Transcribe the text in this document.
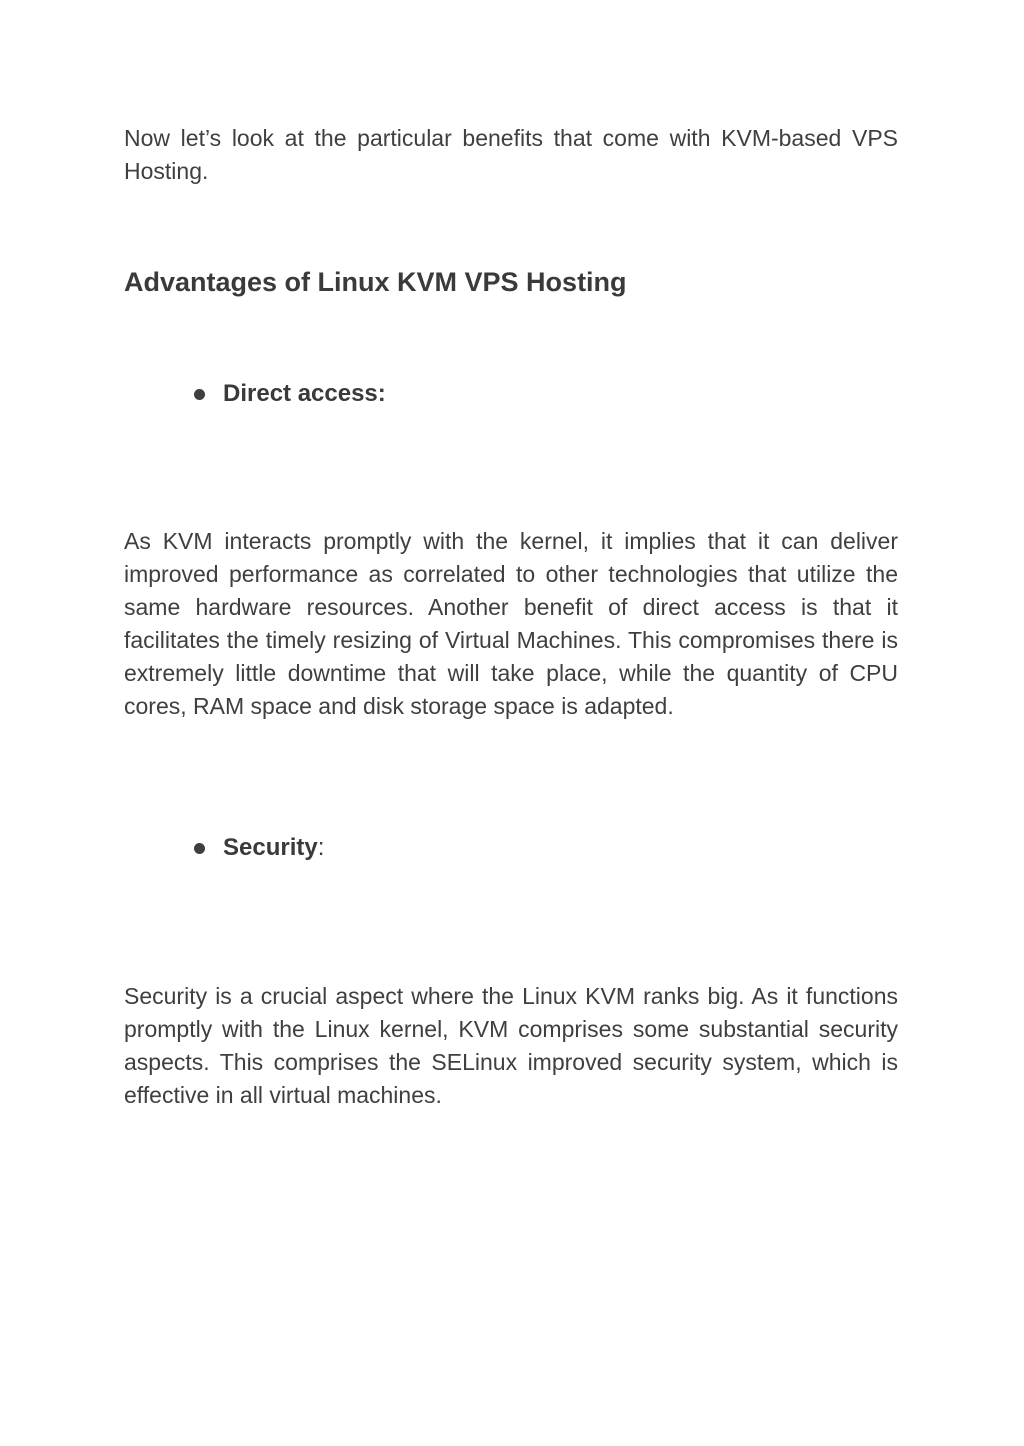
Now let’s look at the particular benefits that come with KVM-based VPS Hosting.

Advantages of Linux KVM VPS Hosting
Direct access:

As KVM interacts promptly with the kernel, it implies that it can deliver improved performance as correlated to other technologies that utilize the same hardware resources. Another benefit of direct access is that it facilitates the timely resizing of Virtual Machines. This compromises there is extremely little downtime that will take place, while the quantity of CPU cores, RAM space and disk storage space is adapted.

Security :

Security is a crucial aspect where the Linux KVM ranks big. As it functions promptly with the Linux kernel, KVM comprises some substantial security aspects. This comprises the SELinux improved security system, which is effective in all virtual machines.
